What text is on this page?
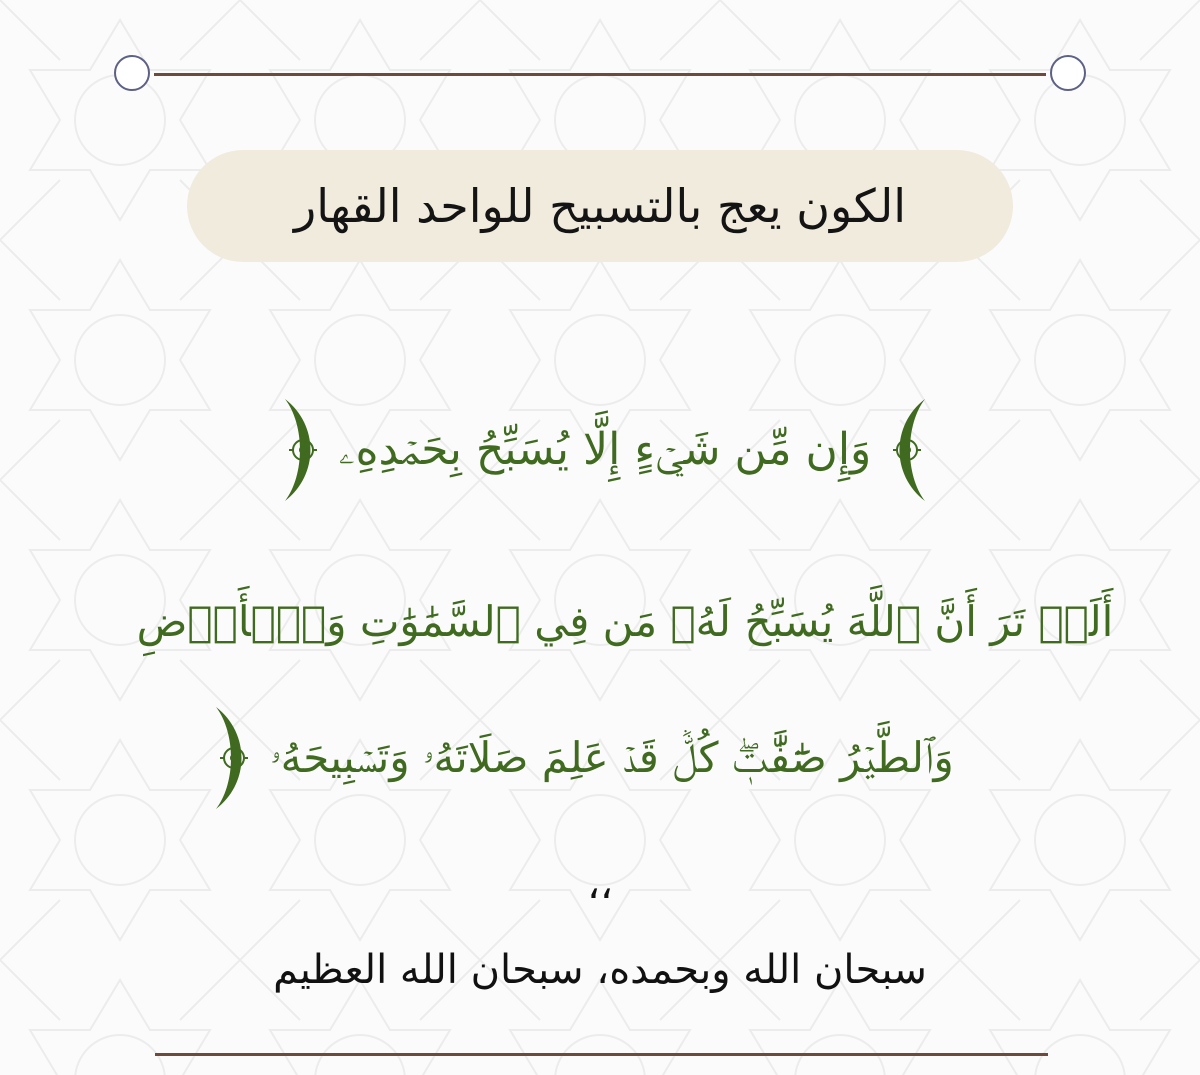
الكون يعج بالتسبيح للواحد القهار
وَإِن مِّن شَيۡءٍ إِلَّا يُسَبِّحُ بِحَمۡدِهِۦ
أَلَمۡ تَرَ أَنَّ ٱللَّهَ يُسَبِّحُ لَهُۥ مَن فِي ٱلسَّمَٰوَٰتِ وَٱلۡأَرۡضِ
وَٱلطَّيۡرُ صَٰٓفَّٰتٖۖ كُلّٞ قَدۡ عَلِمَ صَلَاتَهُۥ وَتَسۡبِيحَهُۥ
،،
سبحان الله وبحمده، سبحان الله العظيم
